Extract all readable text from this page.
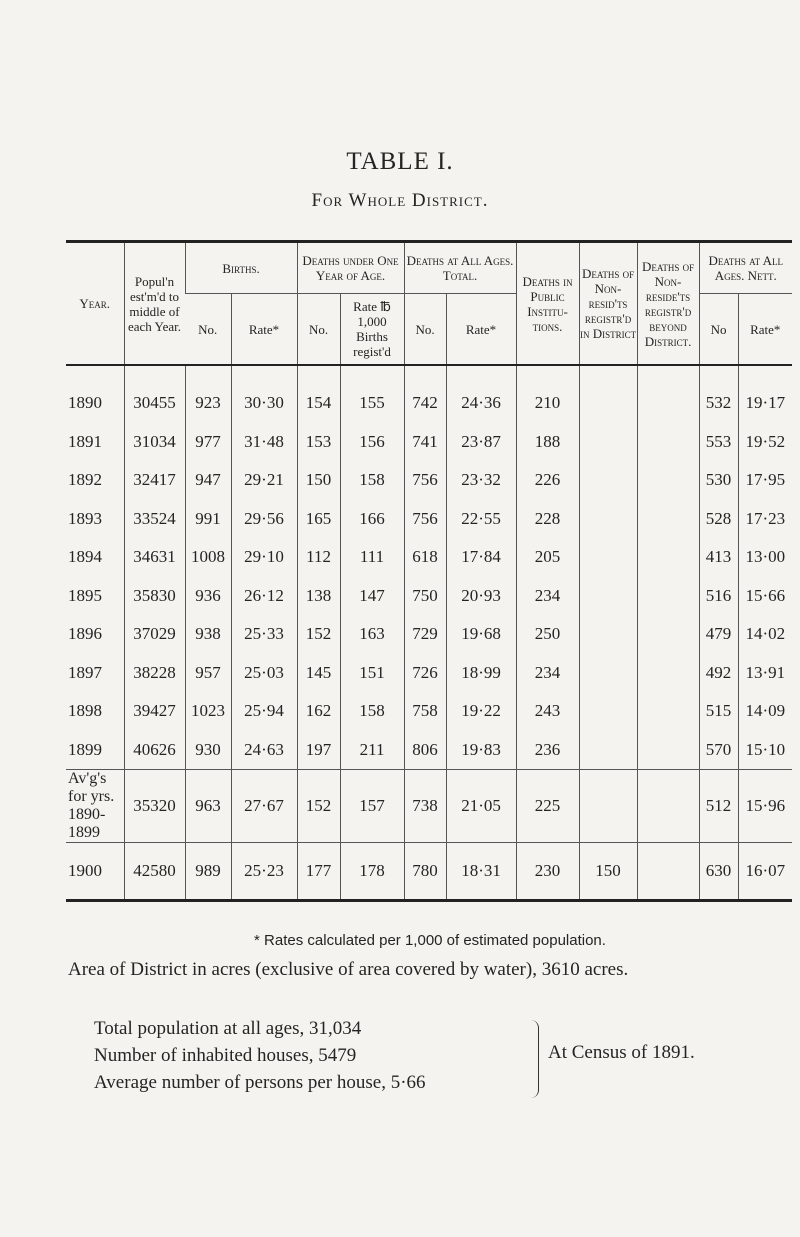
TABLE I.
For Whole District.
Year.	Popul'n est'm'd to middle of each Year.	Births.		Deaths under One Year of Age.		Deaths at All Ages. Total.		Deaths in Public Institu-tions.	Deaths of Non-resid'ts registr'd in District	Deaths of Non-reside'ts registr'd beyond District.	Deaths at All Ages. Nett.	
		No.	Rate*	No.	Rate ℔ 1,000 Births regist'd	No.	Rate*				No	Rate*
1890	30455	923	30·30	154	155	742	24·36	210			532	19·17
1891	31034	977	31·48	153	156	741	23·87	188			553	19·52
1892	32417	947	29·21	150	158	756	23·32	226			530	17·95
1893	33524	991	29·56	165	166	756	22·55	228			528	17·23
1894	34631	1008	29·10	112	111	618	17·84	205			413	13·00
1895	35830	936	26·12	138	147	750	20·93	234			516	15·66
1896	37029	938	25·33	152	163	729	19·68	250			479	14·02
1897	38228	957	25·03	145	151	726	18·99	234			492	13·91
1898	39427	1023	25·94	162	158	758	19·22	243			515	14·09
1899	40626	930	24·63	197	211	806	19·83	236			570	15·10
Av'g's for yrs. 1890-1899	35320	963	27·67	152	157	738	21·05	225			512	15·96
1900	42580	989	25·23	177	178	780	18·31	230	150		630	16·07
* Rates calculated per 1,000 of estimated population.
Area of District in acres (exclusive of area covered by water), 3610 acres.
Total population at all ages, 31,034
Number of inhabited houses, 5479
Average number of persons per house, 5·66
At Census of 1891.
